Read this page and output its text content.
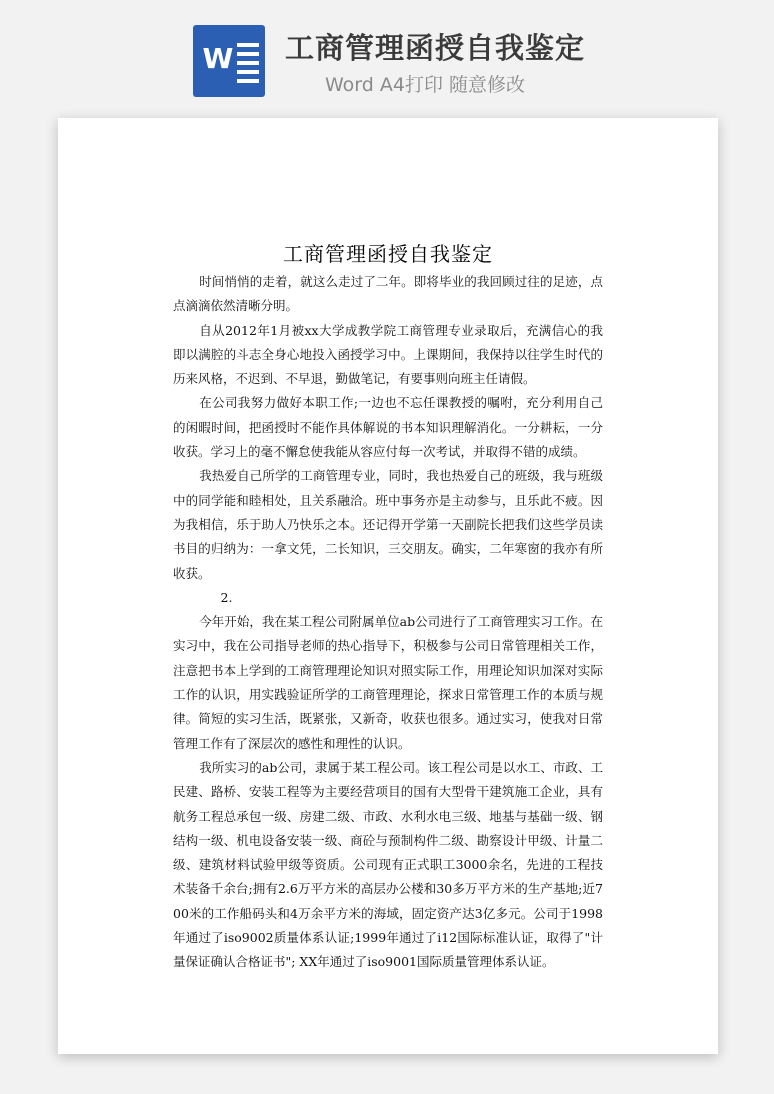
W 工商管理函授自我鉴定
Word A4打印 随意修改
工商管理函授自我鉴定

时间悄悄的走着，就这么走过了二年。即将毕业的我回顾过往的足迹，点点滴滴依然清晰分明。

自从2012年1月被xx大学成教学院工商管理专业录取后，充满信心的我即以满腔的斗志全身心地投入函授学习中。上课期间，我保持以往学生时代的历来风格，不迟到、不早退，勤做笔记，有要事则向班主任请假。

在公司我努力做好本职工作;一边也不忘任课教授的嘱咐，充分利用自己的闲暇时间，把函授时不能作具体解说的书本知识理解消化。一分耕耘，一分收获。学习上的毫不懈怠使我能从容应付每一次考试，并取得不错的成绩。

我热爱自己所学的工商管理专业，同时，我也热爱自己的班级，我与班级中的同学能和睦相处，且关系融洽。班中事务亦是主动参与，且乐此不疲。因为我相信，乐于助人乃快乐之本。还记得开学第一天副院长把我们这些学员读书目的归纳为：一拿文凭，二长知识，三交朋友。确实，二年寒窗的我亦有所收获。

2.

今年开始，我在某工程公司附属单位ab公司进行了工商管理实习工作。在实习中，我在公司指导老师的热心指导下，积极参与公司日常管理相关工作，注意把书本上学到的工商管理理论知识对照实际工作，用理论知识加深对实际工作的认识，用实践验证所学的工商管理理论，探求日常管理工作的本质与规律。简短的实习生活，既紧张，又新奇，收获也很多。通过实习，使我对日常管理工作有了深层次的感性和理性的认识。

我所实习的ab公司，隶属于某工程公司。该工程公司是以水工、市政、工民建、路桥、安装工程等为主要经营项目的国有大型骨干建筑施工企业，具有航务工程总承包一级、房建二级、市政、水利水电三级、地基与基础一级、钢结构一级、机电设备安装一级、商砼与预制构件二级、勘察设计甲级、计量二级、建筑材料试验甲级等资质。公司现有正式职工3000余名，先进的工程技术装备千余台;拥有2.6万平方米的高层办公楼和30多万平方米的生产基地;近700米的工作船码头和4万余平方米的海域，固定资产达3亿多元。公司于1998年通过了iso9002质量体系认证;1999年通过了i12国际标准认证，取得了"计量保证确认合格证书"; XX年通过了iso9001国际质量管理体系认证。
